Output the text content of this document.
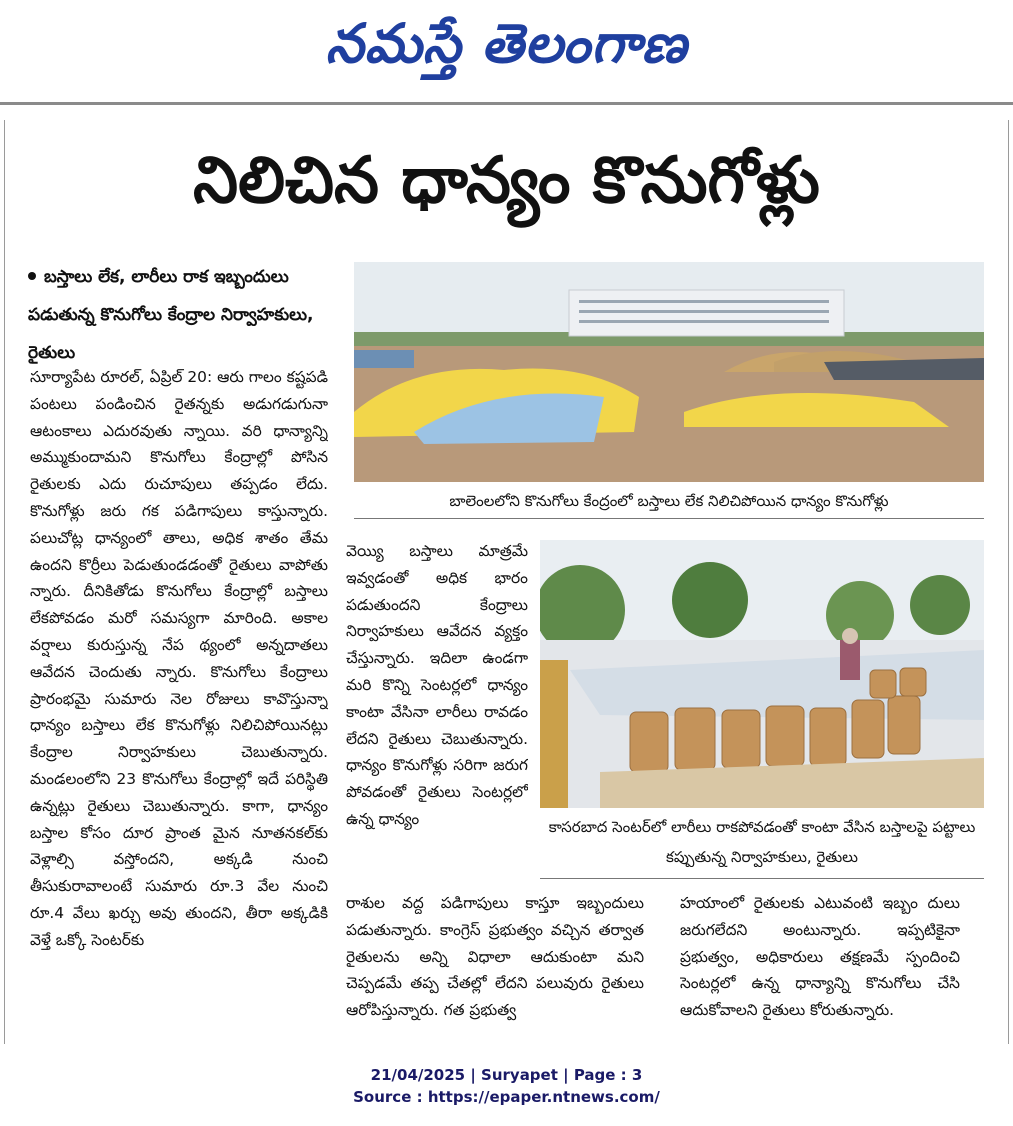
నమస్తే తెలంగాణ
నిలిచిన ధాన్యం కొనుగోళ్లు
బస్తాలు లేక, లారీలు రాక ఇబ్బందులు పడుతున్న కొనుగోలు కేంద్రాల నిర్వాహకులు, రైతులు
సూర్యాపేట రూరల్, ఏప్రిల్ 20: ఆరు గాలం కష్టపడి పంటలు పండించిన రైతన్నకు అడుగడుగునా ఆటంకాలు ఎదురవుతు న్నాయి. వరి ధాన్యాన్ని అమ్ముకుందామని కొనుగోలు కేంద్రాల్లో పోసిన రైతులకు ఎదు రుచూపులు తప్పడం లేదు. కొనుగోళ్లు జరు గక పడిగాపులు కాస్తున్నారు. పలుచోట్ల ధాన్యంలో తాలు, అధిక శాతం తేమ ఉందని కొర్రీలు పెడుతుండడంతో రైతులు వాపోతు న్నారు. దీనికితోడు కొనుగోలు కేంద్రాల్లో బస్తాలు లేకపోవడం మరో సమస్యగా మారింది. అకాల వర్షాలు కురుస్తున్న నేప థ్యంలో అన్నదాతలు ఆవేదన చెందుతు న్నారు. కొనుగోలు కేంద్రాలు ప్రారంభమై సుమారు నెల రోజులు కావొస్తున్నా ధాన్యం బస్తాలు లేక కొనుగోళ్లు నిలిచిపోయినట్లు కేంద్రాల నిర్వాహకులు చెబుతున్నారు. మండలంలోని 23 కొనుగోలు కేంద్రాల్లో ఇదే పరిస్థితి ఉన్నట్లు రైతులు చెబుతున్నారు. కాగా, ధాన్యం బస్తాల కోసం దూర ప్రాంత మైన నూతనకల్‌కు వెళ్లాల్సి వస్తోందని, అక్కడి నుంచి తీసుకురావాలంటే సుమారు రూ.3 వేల నుంచి రూ.4 వేలు ఖర్చు అవు తుందని, తీరా అక్కడికి వెళ్తే ఒక్కో సెంటర్‌కు
బాలెంలలోని కొనుగోలు కేంద్రంలో బస్తాలు లేక నిలిచిపోయిన ధాన్యం కొనుగోళ్లు
వెయ్యి బస్తాలు మాత్రమే ఇవ్వడంతో అధిక భారం పడుతుందని కేంద్రాలు నిర్వాహకులు ఆవేదన వ్యక్తం చేస్తున్నారు. ఇదిలా ఉండగా మరి కొన్ని సెంటర్లలో ధాన్యం కాంటా వేసినా లారీలు రావడం లేదని రైతులు చెబుతున్నారు. ధాన్యం కొనుగోళ్లు సరిగా జరుగ పోవడంతో రైతులు సెంటర్లలో ఉన్న ధాన్యం	కాసరబాద సెంటర్‌లో లారీలు రాకపోవడంతో కాంటా వేసిన బస్తాలపై పట్టాలు కప్పుతున్న నిర్వాహకులు, రైతులు
రాశుల వద్ద పడిగాపులు కాస్తూ ఇబ్బందులు పడుతున్నారు. కాంగ్రెస్ ప్రభుత్వం వచ్చిన తర్వాత రైతులను అన్ని విధాలా ఆదుకుంటా మని చెప్పడమే తప్ప చేతల్లో లేదని పలువురు రైతులు ఆరోపిస్తున్నారు. గత ప్రభుత్వ
హయాంలో రైతులకు ఎటువంటి ఇబ్బం దులు జరుగలేదని అంటున్నారు. ఇప్పటికైనా ప్రభుత్వం, అధికారులు తక్షణమే స్పందించి సెంటర్లలో ఉన్న ధాన్యాన్ని కొనుగోలు చేసి ఆదుకోవాలని రైతులు కోరుతున్నారు.
21/04/2025 | Suryapet | Page : 3
Source : https://epaper.ntnews.com/
